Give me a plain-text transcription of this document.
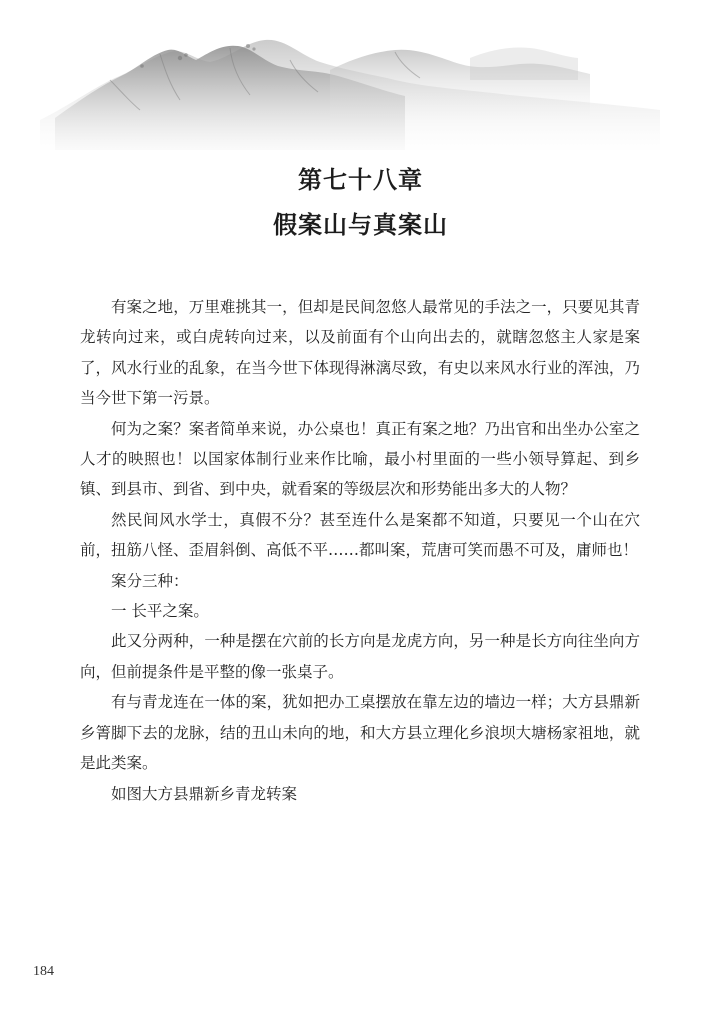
第七十八章
假案山与真案山

有案之地，万里难挑其一，但却是民间忽悠人最常见的手法之一，只要见其青龙转向过来，或白虎转向过来，以及前面有个山向出去的，就瞎忽悠主人家是案了，风水行业的乱象，在当今世下体现得淋漓尽致，有史以来风水行业的浑浊，乃当今世下第一污景。

何为之案？案者简单来说，办公桌也！真正有案之地？乃出官和出坐办公室之人才的映照也！以国家体制行业来作比喻，最小村里面的一些小领导算起、到乡镇、到县市、到省、到中央，就看案的等级层次和形势能出多大的人物？

然民间风水学士，真假不分？甚至连什么是案都不知道，只要见一个山在穴前，扭筋八怪、歪眉斜倒、高低不平……都叫案，荒唐可笑而愚不可及，庸师也！

案分三种：

一 长平之案。

此又分两种，一种是摆在穴前的长方向是龙虎方向，另一种是长方向往坐向方向，但前提条件是平整的像一张桌子。

有与青龙连在一体的案，犹如把办工桌摆放在靠左边的墙边一样；大方县鼎新乡箐脚下去的龙脉，结的丑山未向的地，和大方县立理化乡浪坝大塘杨家祖地，就是此类案。

如图大方县鼎新乡青龙转案

184
